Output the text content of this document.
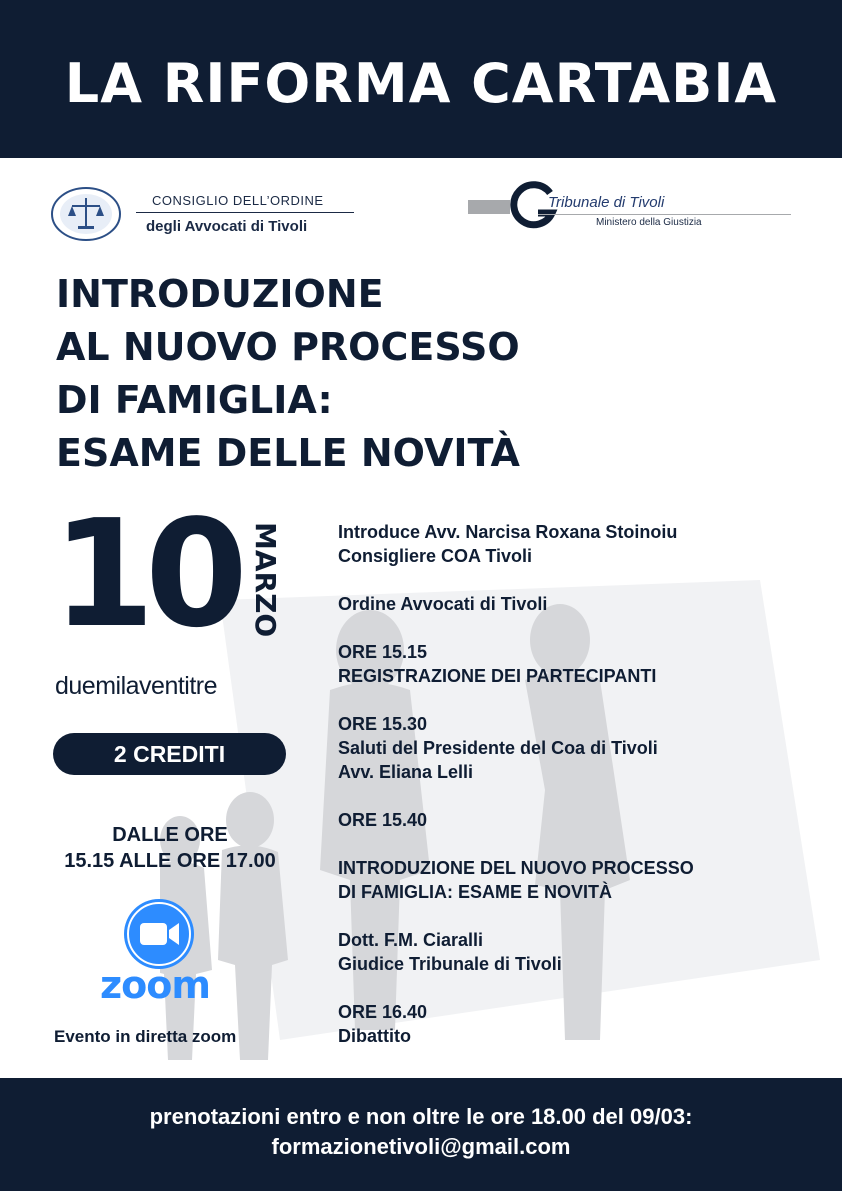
LA RIFORMA CARTABIA
CONSIGLIO DELL’ORDINE
degli Avvocati di Tivoli
Tribunale di Tivoli
Ministero della Giustizia
INTRODUZIONE
AL NUOVO PROCESSO
DI FAMIGLIA:
ESAME DELLE NOVITÀ
10 MARZO
duemilaventitre
2 CREDITI
DALLE ORE
15.15 ALLE ORE 17.00
zoom
Evento in diretta zoom
Introduce Avv. Narcisa Roxana Stoinoiu
Consigliere COA Tivoli
Ordine Avvocati di Tivoli
ORE 15.15
REGISTRAZIONE DEI PARTECIPANTI
ORE 15.30
Saluti del Presidente del Coa di Tivoli
Avv. Eliana Lelli
ORE 15.40
INTRODUZIONE DEL NUOVO PROCESSO
DI FAMIGLIA: ESAME E NOVITÀ
Dott. F.M. Ciaralli
Giudice Tribunale di Tivoli
ORE 16.40
Dibattito
prenotazioni entro e non oltre le ore 18.00 del 09/03:
formazionetivoli@gmail.com
